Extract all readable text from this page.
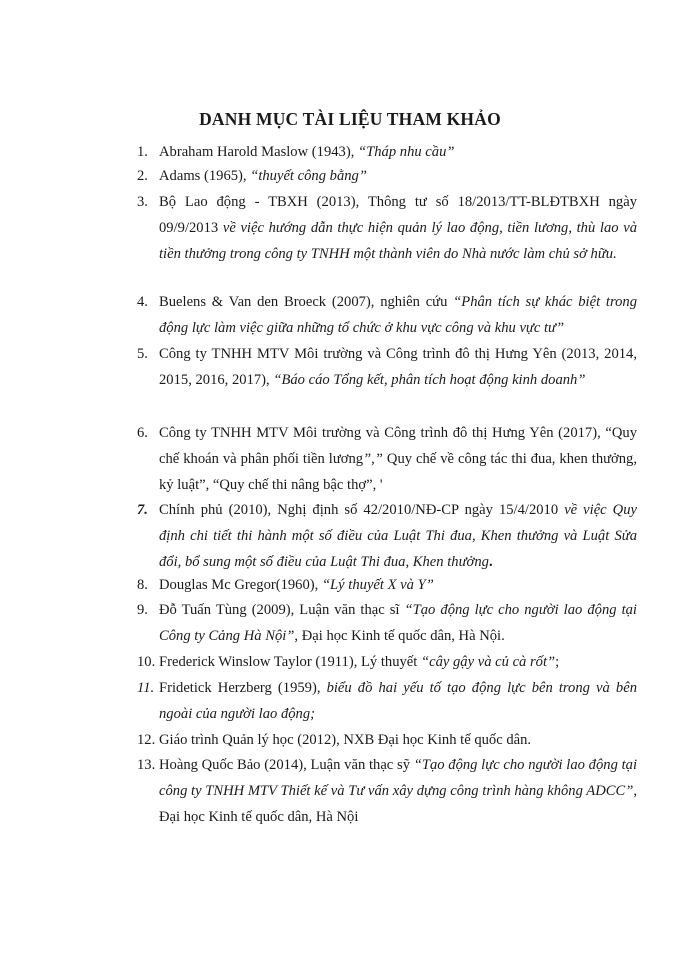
DANH MỤC TÀI LIỆU THAM KHẢO
1. Abraham Harold Maslow (1943), “Tháp nhu cầu”
2. Adams (1965), “thuyết công bằng”
3. Bộ Lao động - TBXH (2013), Thông tư số 18/2013/TT-BLĐTBXH ngày 09/9/2013 về việc hướng dẫn thực hiện quản lý lao động, tiền lương, thù lao và tiền thưởng trong công ty TNHH một thành viên do Nhà nước làm chủ sở hữu.
4. Buelens & Van den Broeck (2007), nghiên cứu “Phân tích sự khác biệt trong động lực làm việc giữa những tổ chức ở khu vực công và khu vực tư”
5. Công ty TNHH MTV Môi trường và Công trình đô thị Hưng Yên (2013, 2014, 2015, 2016, 2017), “Báo cáo Tổng kết, phân tích hoạt động kinh doanh”
6. Công ty TNHH MTV Môi trường và Công trình đô thị Hưng Yên (2017), “Quy chế khoán và phân phối tiền lương”,” Quy chế về công tác thi đua, khen thưởng, kỷ luật”, “Quy chế thi nâng bậc thợ”, '
7. Chính phủ (2010), Nghị định số 42/2010/NĐ-CP ngày 15/4/2010 về việc Quy định chi tiết thi hành một số điều của Luật Thi đua, Khen thưởng và Luật Sửa đổi, bổ sung một số điều của Luật Thi đua, Khen thưởng.
8. Douglas Mc Gregor(1960), “Lý thuyết X và Y”
9. Đỗ Tuấn Tùng (2009), Luận văn thạc sĩ “Tạo động lực cho người lao động tại Công ty Cảng Hà Nội”, Đại học Kinh tế quốc dân, Hà Nội.
10. Frederick Winslow Taylor (1911), Lý thuyết “cây gậy và củ cà rốt”;
11. Fridetick Herzberg (1959), biểu đồ hai yếu tố tạo động lực bên trong và bên ngoài của người lao động;
12. Giáo trình Quản lý học (2012), NXB Đại học Kinh tế quốc dân.
13. Hoàng Quốc Bảo (2014), Luận văn thạc sỹ “Tạo động lực cho người lao động tại công ty TNHH MTV Thiết kế và Tư vấn xây dựng công trình hàng không ADCC”, Đại học Kinh tế quốc dân, Hà Nội
